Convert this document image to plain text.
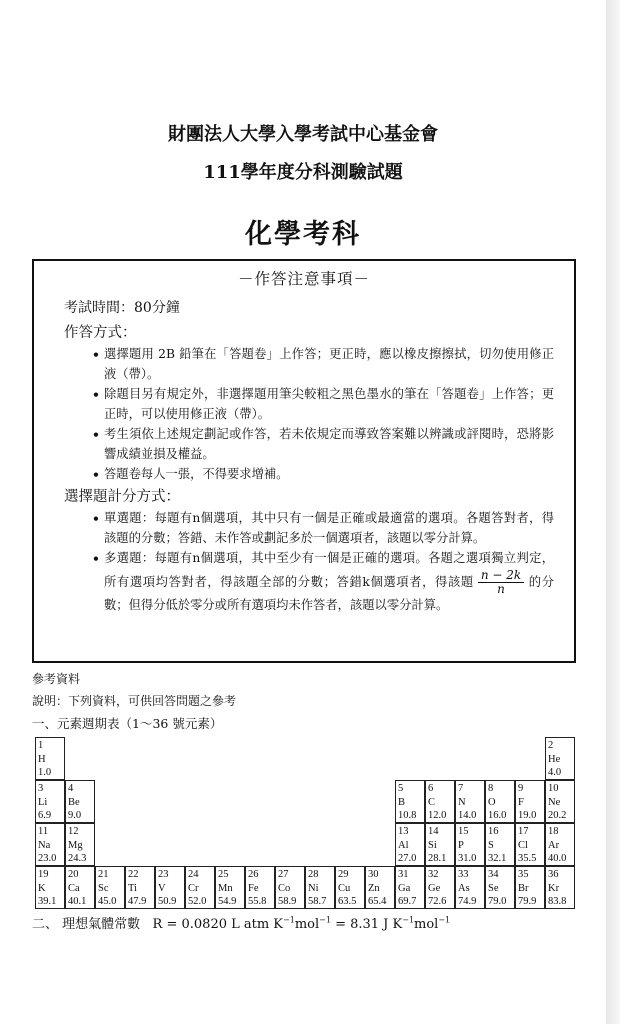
財團法人大學入學考試中心基金會
111學年度分科測驗試題
化學考科
－作答注意事項－
考試時間：80分鐘
作答方式：
• 選擇題用 2B 鉛筆在「答題卷」上作答；更正時，應以橡皮擦擦拭，切勿使用修正液（帶）。
• 除題目另有規定外，非選擇題用筆尖較粗之黑色墨水的筆在「答題卷」上作答；更正時，可以使用修正液（帶）。
• 考生須依上述規定劃記或作答，若未依規定而導致答案難以辨識或評閱時，恐將影響成績並損及權益。
• 答題卷每人一張，不得要求增補。
選擇題計分方式：
• 單選題：每題有n個選項，其中只有一個是正確或最適當的選項。各題答對者，得該題的分數；答錯、未作答或劃記多於一個選項者，該題以零分計算。
• 多選題：每題有n個選項，其中至少有一個是正確的選項。各題之選項獨立判定，所有選項均答對者，得該題全部的分數；答錯k個選項者，得該題 $\frac{n - 2k}{n}$ 的分數；但得分低於零分或所有選項均未作答者，該題以零分計算。
參考資料
說明：下列資料，可供回答問題之參考
一、元素週期表（1～36 號元素）
1
H
1.0
2
He
4.0
3
Li
6.9
4
Be
9.0
5
B
10.8
6
C
12.0
7
N
14.0
8
O
16.0
9
F
19.0
10
Ne
20.2
11
Na
23.0
12
Mg
24.3
13
Al
27.0
14
Si
28.1
15
P
31.0
16
S
32.1
17
Cl
35.5
18
Ar
40.0
19
K
39.1
20
Ca
40.1
21
Sc
45.0
22
Ti
47.9
23
V
50.9
24
Cr
52.0
25
Mn
54.9
26
Fe
55.8
27
Co
58.9
28
Ni
58.7
29
Cu
63.5
30
Zn
65.4
31
Ga
69.7
32
Ge
72.6
33
As
74.9
34
Se
79.0
35
Br
79.9
36
Kr
83.8
二、 理想氣體常數 R = 0.0820 L atm $K^{-1}mol^{-1} = 8.31$ J $K^{-1}mol^{-1}$
